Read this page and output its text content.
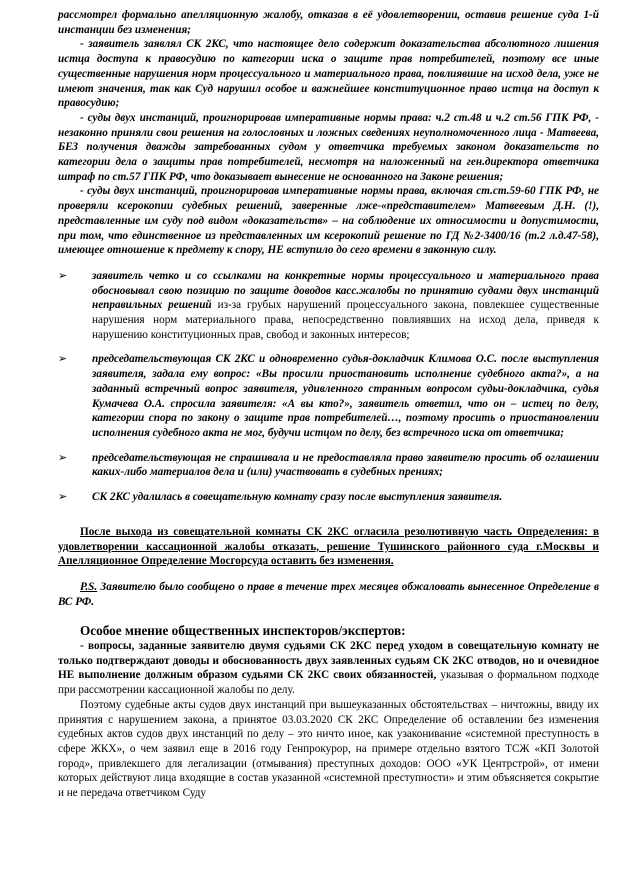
рассмотрел формально апелляционную жалобу, отказав в её удовлетворении, оставив решение суда 1-й инстанции без изменения;

- заявитель заявлял СК 2КС, что настоящее дело содержит доказательства абсолютного лишения истца доступа к правосудию по категории иска о защите прав потребителей, поэтому все иные существенные нарушения норм процессуального и материального права, повлиявшие на исход дела, уже не имеют значения, так как Суд нарушил особое и важнейшее конституционное право истца на доступ к правосудию;

- суды двух инстанций, проигнорировав императивные нормы права: ч.2 ст.48 и ч.2 ст.56 ГПК РФ, - незаконно приняли свои решения на голословных и ложных сведениях неуполномоченного лица - Матвеева, БЕЗ получения дважды затребованных судом у ответчика требуемых законом доказательств по категории дела о защиты прав потребителей, несмотря на наложенный на ген.директора ответчика штраф по ст.57 ГПК РФ, что доказывает вынесение не основанного на Законе решения;

- суды двух инстанций, проигнорировав императивные нормы права, включая ст.ст.59-60 ГПК РФ, не проверяли ксерокопии судебных решений, заверенные лже-«представителем» Матвеевым Д.Н. (!), представленные им суду под видом «доказательств» – на соблюдение их относимости и допустимости, при том, что единственное из представленных им ксерокопий решение по ГД №2-3400/16 (т.2 л.д.47-58), имеющее отношение к предмету к спору, НЕ вступило до сего времени в законную силу.

➢	заявитель четко и со ссылками на конкретные нормы процессуального и материального права обосновывал свою позицию по защите доводов касс.жалобы по принятию судами двух инстанций неправильных решений из-за грубых нарушений процессуального закона, повлекшее существенные нарушения норм материального права, непосредственно повлиявших на исход дела, приведя к нарушению конституционных прав, свобод и законных интересов;

➢	председательствующая СК 2КС и одновременно судья-докладчик Климова О.С. после выступления заявителя, задала ему вопрос: «Вы просили приостановить исполнение судебного акта?», а на заданный встречный вопрос заявителя, удивленного странным вопросом судьи-докладчика, судья Кумачева О.А. спросила заявителя: «А вы кто?», заявитель ответил, что он – истец по делу, категории спора по закону о защите прав потребителей…, поэтому просить о приостановлении исполнения судебного акта не мог, будучи истцом по делу, без встречного иска от ответчика;

➢	председательствующая не спрашивала и не предоставляла право заявителю просить об оглашении каких-либо материалов дела и (или) участвовать в судебных прениях;

➢	СК 2КС удалилась в совещательную комнату сразу после выступления заявителя.

После выхода из совещательной комнаты СК 2КС огласила резолютивную часть Определения: в удовлетворении кассационной жалобы отказать, решение Тушинского районного суда г.Москвы и Апелляционное Определение Мосгорсуда оставить без изменения.

P.S. Заявителю было сообщено о праве в течение трех месяцев обжаловать вынесенное Определение в ВС РФ.

Особое мнение общественных инспекторов/экспертов:

- вопросы, заданные заявителю двумя судьями СК 2КС перед уходом в совещательную комнату не только подтверждают доводы и обоснованность двух заявленных судьям СК 2КС отводов, но и очевидное НЕ выполнение должным образом судьями СК 2КС своих обязанностей, указывая о формальном подходе при рассмотрении кассационной жалобы по делу.

Поэтому судебные акты судов двух инстанций при вышеуказанных обстоятельствах – ничтожны, ввиду их принятия с нарушением закона, а принятое 03.03.2020 СК 2КС Определение об оставлении без изменения судебных актов судов двух инстанций по делу – это ничто иное, как узаконивание «системной преступность в сфере ЖКХ», о чем заявил еще в 2016 году Генпрокурор, на примере отдельно взятого ТСЖ «КП Золотой город», привлекшего для легализации (отмывания) преступных доходов: ООО «УК Центрстрой», от имени которых действуют лица входящие в состав указанной «системной преступности» и этим объясняется сокрытие и не передача ответчиком Суду
